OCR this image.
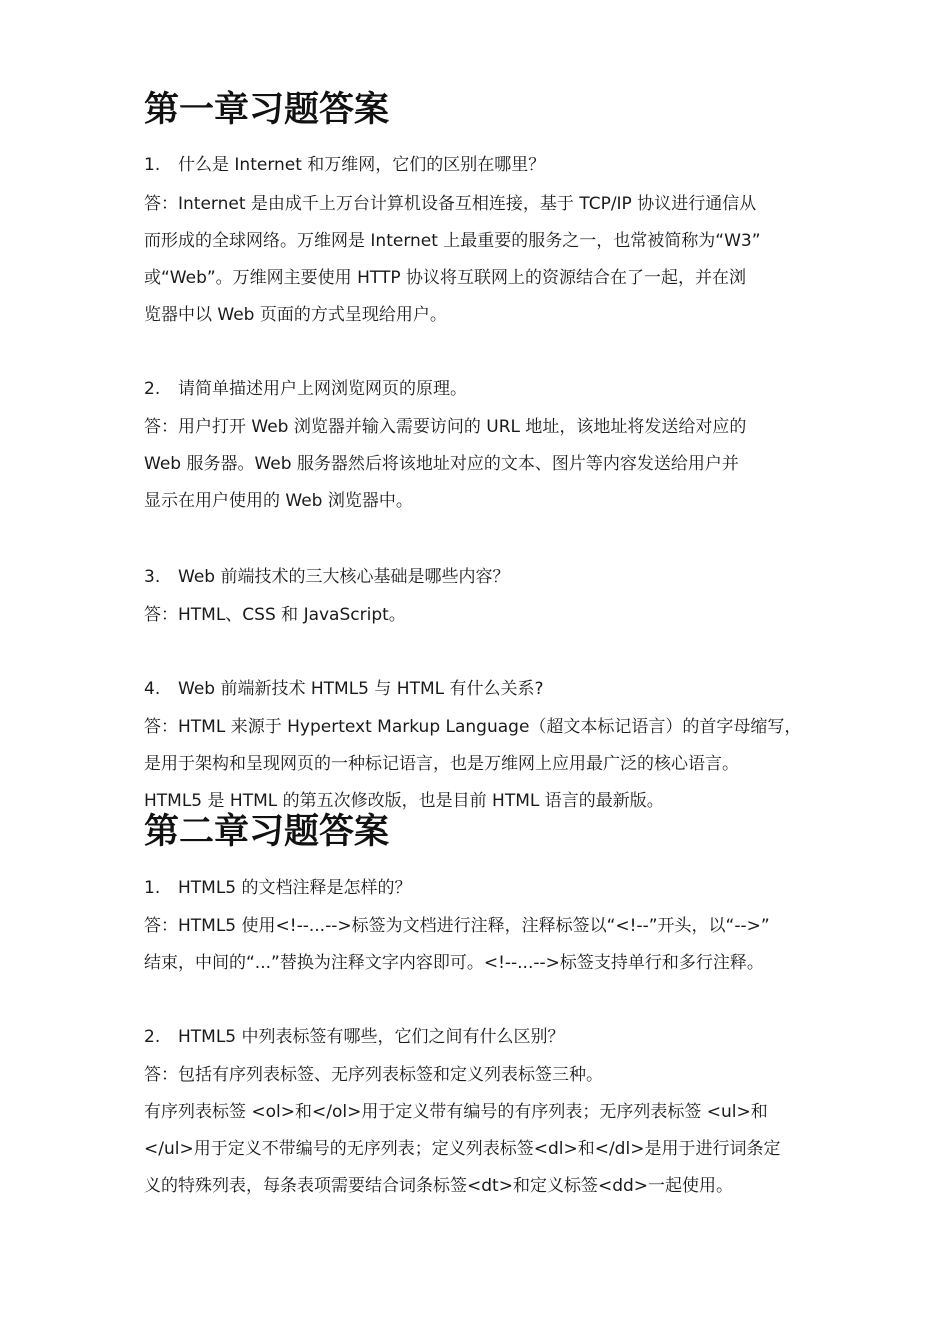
第一章习题答案
1. 什么是 Internet 和万维网，它们的区别在哪里？
答：Internet 是由成千上万台计算机设备互相连接，基于 TCP/IP 协议进行通信从
而形成的全球网络。万维网是 Internet 上最重要的服务之一，也常被简称为“W3”
或“Web”。万维网主要使用 HTTP 协议将互联网上的资源结合在了一起，并在浏
览器中以 Web 页面的方式呈现给用户。
2. 请简单描述用户上网浏览网页的原理。
答：用户打开 Web 浏览器并输入需要访问的 URL 地址，该地址将发送给对应的
Web 服务器。Web 服务器然后将该地址对应的文本、图片等内容发送给用户并
显示在用户使用的 Web 浏览器中。
3. Web 前端技术的三大核心基础是哪些内容？
答：HTML、CSS 和 JavaScript。
4. Web 前端新技术 HTML5 与 HTML 有什么关系?
答：HTML 来源于 Hypertext Markup Language（超文本标记语言）的首字母缩写，
是用于架构和呈现网页的一种标记语言，也是万维网上应用最广泛的核心语言。
HTML5 是 HTML 的第五次修改版，也是目前 HTML 语言的最新版。
第二章习题答案
1. HTML5 的文档注释是怎样的？
答：HTML5 使用<!--...-->标签为文档进行注释，注释标签以“<!--”开头，以“-->”
结束，中间的“...”替换为注释文字内容即可。<!--...-->标签支持单行和多行注释。
2. HTML5 中列表标签有哪些，它们之间有什么区别？
答：包括有序列表标签、无序列表标签和定义列表标签三种。
有序列表标签 <ol>和</ol>用于定义带有编号的有序列表；无序列表标签 <ul>和
</ul>用于定义不带编号的无序列表；定义列表标签<dl>和</dl>是用于进行词条定
义的特殊列表，每条表项需要结合词条标签<dt>和定义标签<dd>一起使用。
